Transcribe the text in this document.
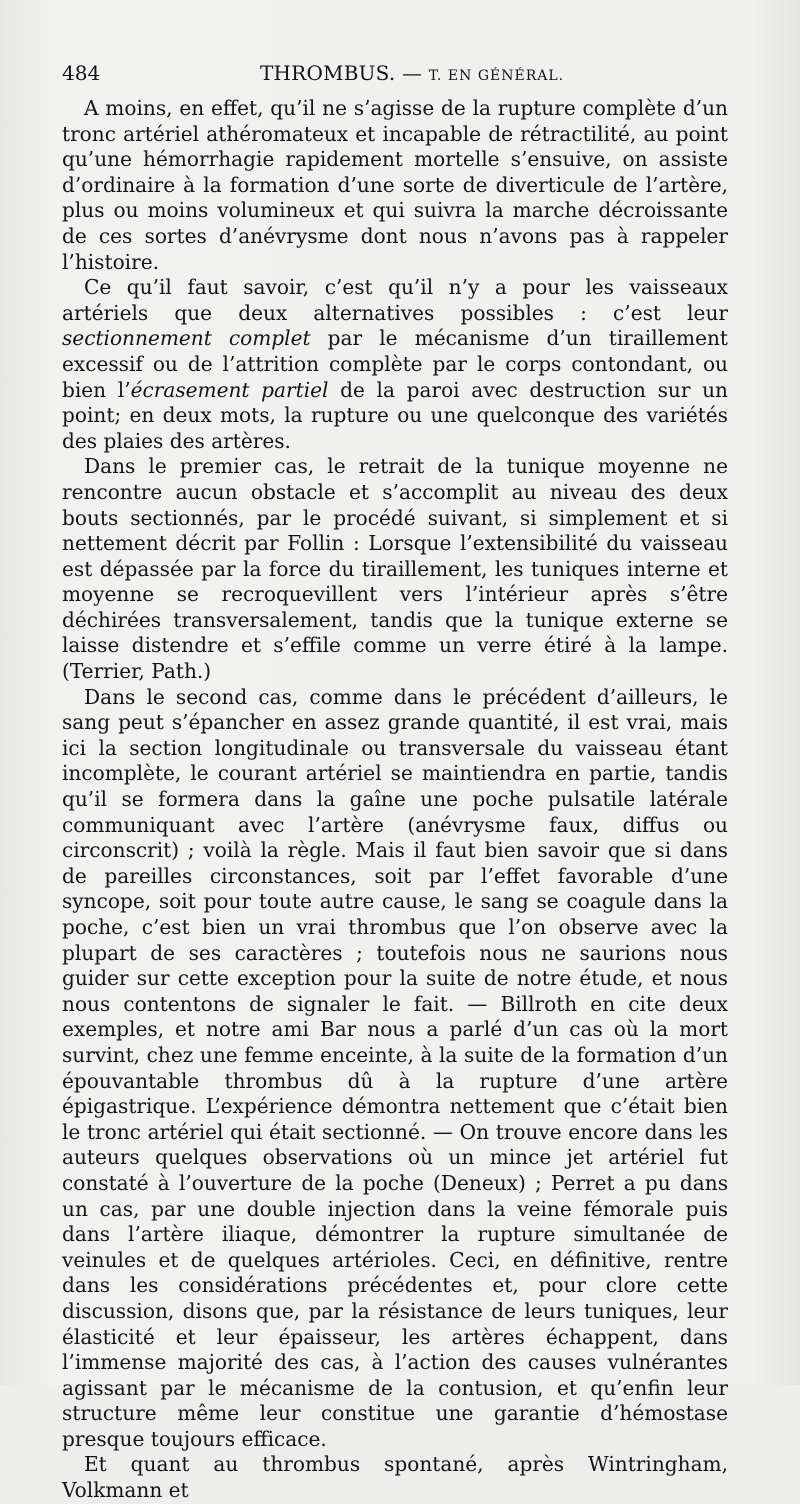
484	THROMBUS. — T. EN GÉNÉRAL.

A moins, en effet, qu’il ne s’agisse de la rupture complète d’un tronc artériel athéromateux et incapable de rétractilité, au point qu’une hémorrhagie rapidement mortelle s’ensuive, on assiste d’ordinaire à la formation d’une sorte de diverticule de l’artère, plus ou moins volumineux et qui suivra la marche décroissante de ces sortes d’anévrysme dont nous n’avons pas à rappeler l’histoire.

Ce qu’il faut savoir, c’est qu’il n’y a pour les vaisseaux artériels que deux alternatives possibles : c’est leur sectionnement complet par le mécanisme d’un tiraillement excessif ou de l’attrition complète par le corps contondant, ou bien l’écrasement partiel de la paroi avec destruction sur un point; en deux mots, la rupture ou une quelconque des variétés des plaies des artères.

Dans le premier cas, le retrait de la tunique moyenne ne rencontre aucun obstacle et s’accomplit au niveau des deux bouts sectionnés, par le procédé suivant, si simplement et si nettement décrit par Follin : Lorsque l’extensibilité du vaisseau est dépassée par la force du tiraillement, les tuniques interne et moyenne se recroquevillent vers l’intérieur après s’être déchirées transversalement, tandis que la tunique externe se laisse distendre et s’effile comme un verre étiré à la lampe. (Terrier, Path.)

Dans le second cas, comme dans le précédent d’ailleurs, le sang peut s’épancher en assez grande quantité, il est vrai, mais ici la section longitudinale ou transversale du vaisseau étant incomplète, le courant artériel se maintiendra en partie, tandis qu’il se formera dans la gaîne une poche pulsatile latérale communiquant avec l’artère (anévrysme faux, diffus ou circonscrit) ; voilà la règle. Mais il faut bien savoir que si dans de pareilles circonstances, soit par l’effet favorable d’une syncope, soit pour toute autre cause, le sang se coagule dans la poche, c’est bien un vrai thrombus que l’on observe avec la plupart de ses caractères ; toutefois nous ne saurions nous guider sur cette exception pour la suite de notre étude, et nous nous contentons de signaler le fait. — Billroth en cite deux exemples, et notre ami Bar nous a parlé d’un cas où la mort survint, chez une femme enceinte, à la suite de la formation d’un épouvantable thrombus dû à la rupture d’une artère épigastrique. L’expérience démontra nettement que c’était bien le tronc artériel qui était sectionné. — On trouve encore dans les auteurs quelques observations où un mince jet artériel fut constaté à l’ouverture de la poche (Deneux) ; Perret a pu dans un cas, par une double injection dans la veine fémorale puis dans l’artère iliaque, démontrer la rupture simultanée de veinules et de quelques artérioles. Ceci, en définitive, rentre dans les considérations précédentes et, pour clore cette discussion, disons que, par la résistance de leurs tuniques, leur élasticité et leur épaisseur, les artères échappent, dans l’immense majorité des cas, à l’action des causes vulnérantes agissant par le mécanisme de la contusion, et qu’enfin leur structure même leur constitue une garantie d’hémostase presque toujours efficace.

Et quant au thrombus spontané, après Wintringham, Volkmann et
